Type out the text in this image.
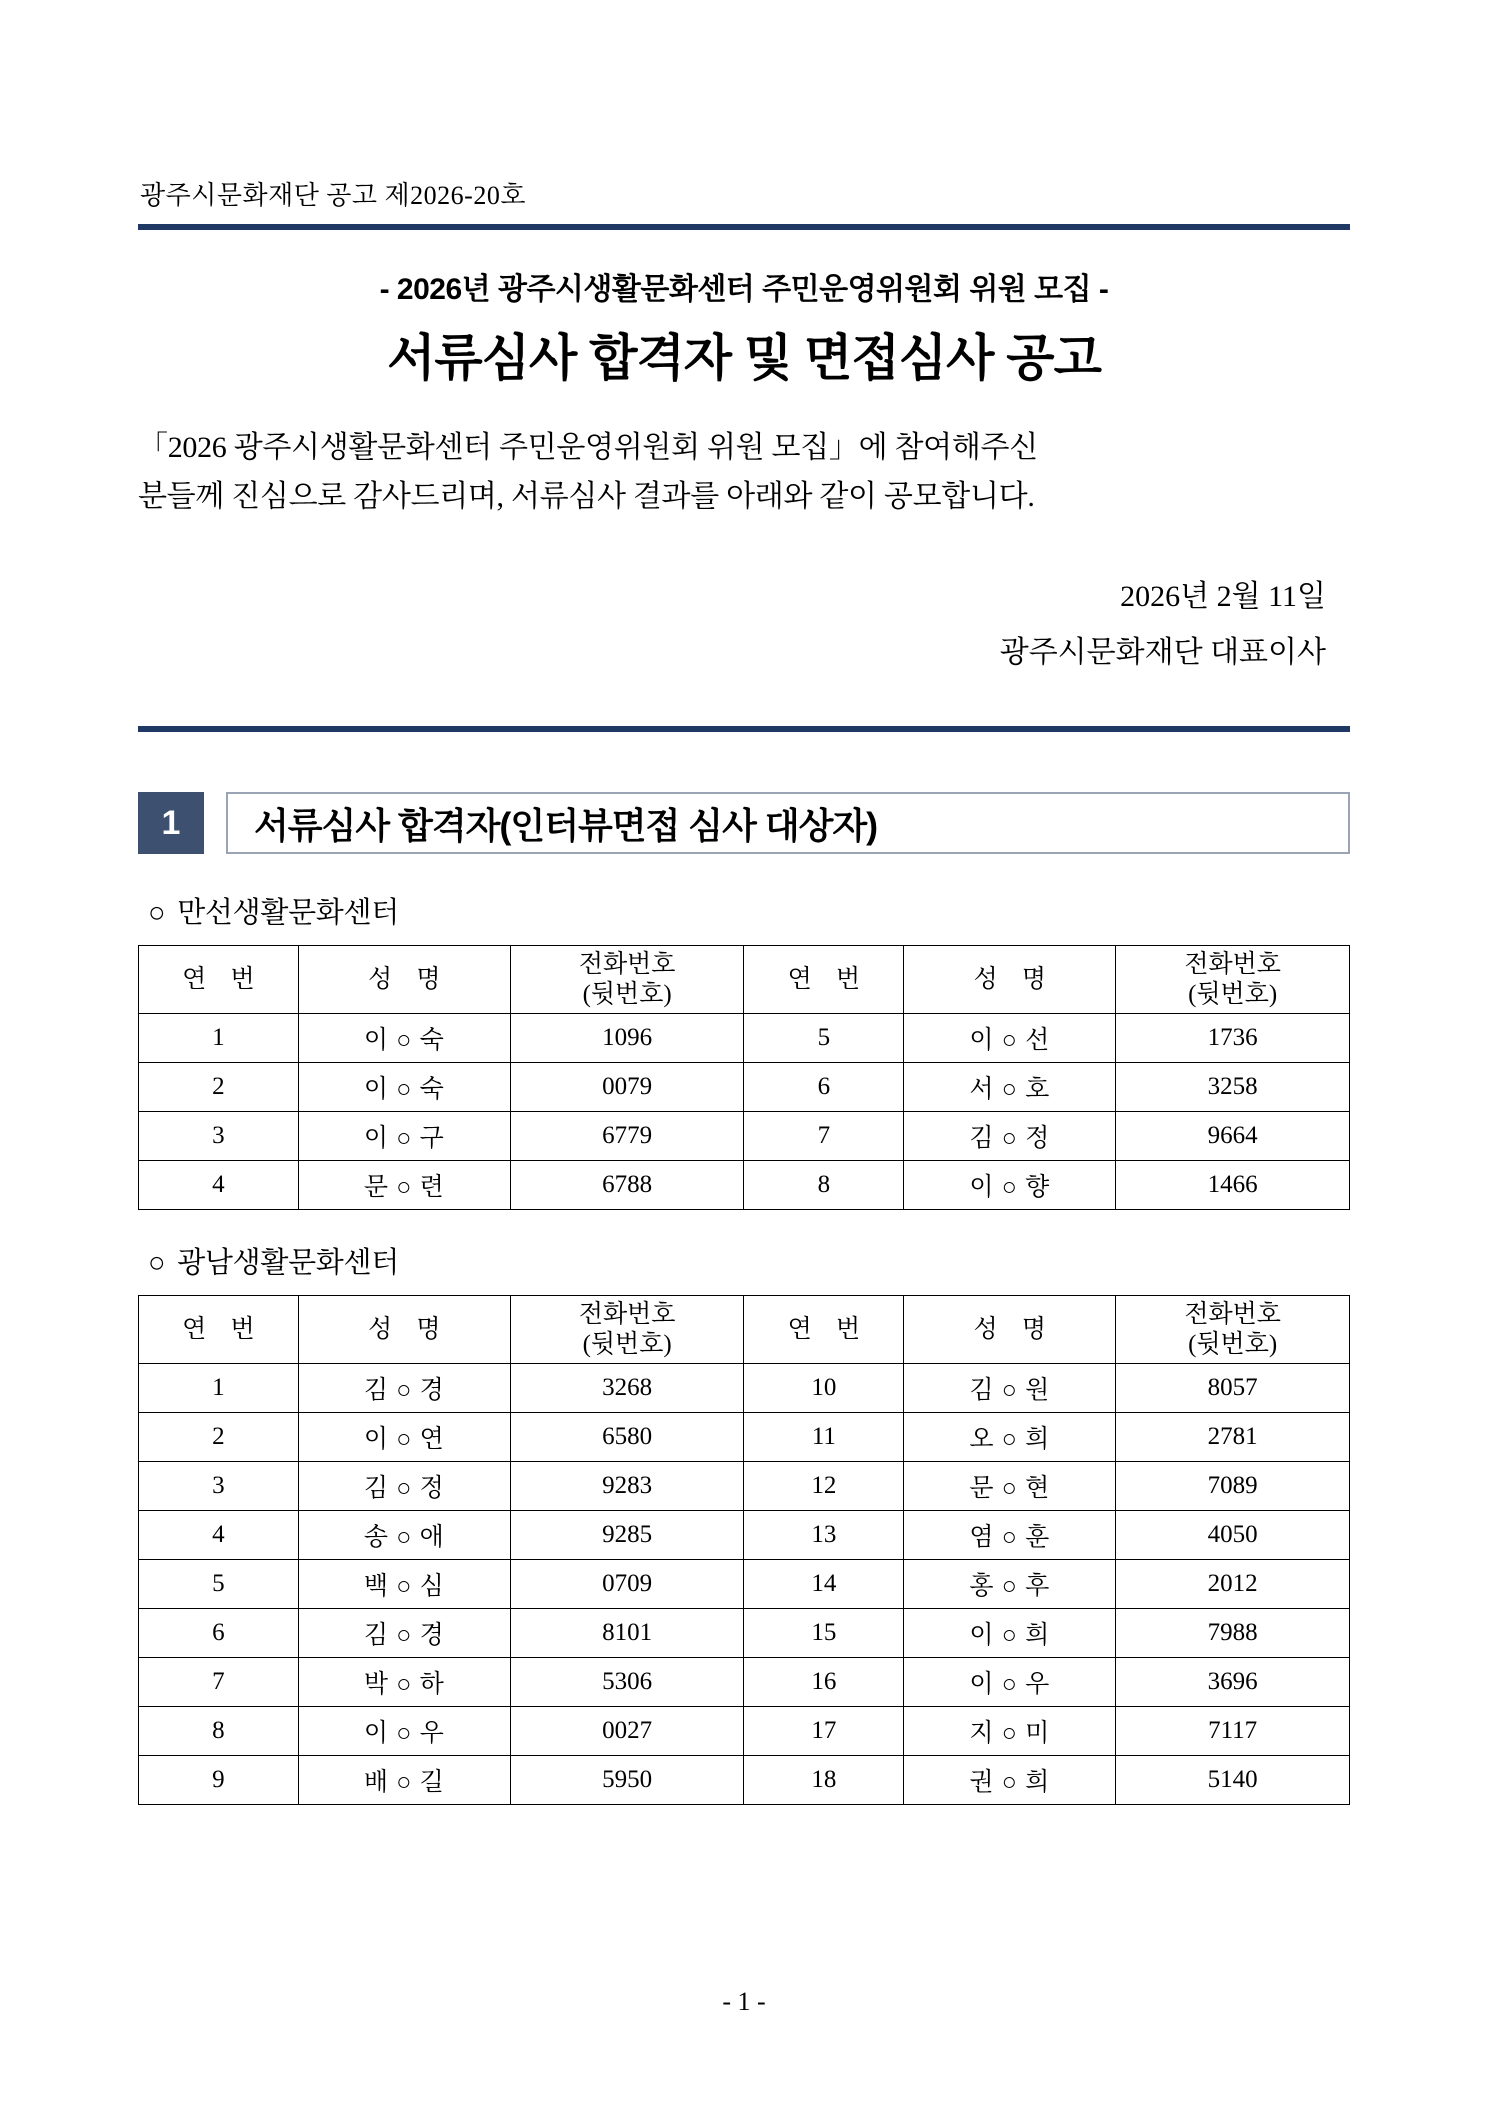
광주시문화재단 공고 제2026-20호
- 2026년 광주시생활문화센터 주민운영위원회 위원 모집 -
서류심사 합격자 및 면접심사 공고
「2026 광주시생활문화센터 주민운영위원회 위원 모집」에 참여해주신
분들께 진심으로 감사드리며, 서류심사 결과를 아래와 같이 공모합니다.
2026년 2월 11일
광주시문화재단 대표이사
1	서류심사 합격자(인터뷰면접 심사 대상자)
○ 만선생활문화센터
연 번	성 명	
전화번호
(뒷번호)
	연 번	성 명	
전화번호
(뒷번호)

1	이 ○ 숙	1096	5	이 ○ 선	1736
2	이 ○ 숙	0079	6	서 ○ 호	3258
3	이 ○ 구	6779	7	김 ○ 정	9664
4	문 ○ 련	6788	8	이 ○ 향	1466
○ 광남생활문화센터
연 번	성 명	
전화번호
(뒷번호)
	연 번	성 명	
전화번호
(뒷번호)

1	김 ○ 경	3268	10	김 ○ 원	8057
2	이 ○ 연	6580	11	오 ○ 희	2781
3	김 ○ 정	9283	12	문 ○ 현	7089
4	송 ○ 애	9285	13	염 ○ 훈	4050
5	백 ○ 심	0709	14	홍 ○ 후	2012
6	김 ○ 경	8101	15	이 ○ 희	7988
7	박 ○ 하	5306	16	이 ○ 우	3696
8	이 ○ 우	0027	17	지 ○ 미	7117
9	배 ○ 길	5950	18	권 ○ 희	5140
- 1 -
